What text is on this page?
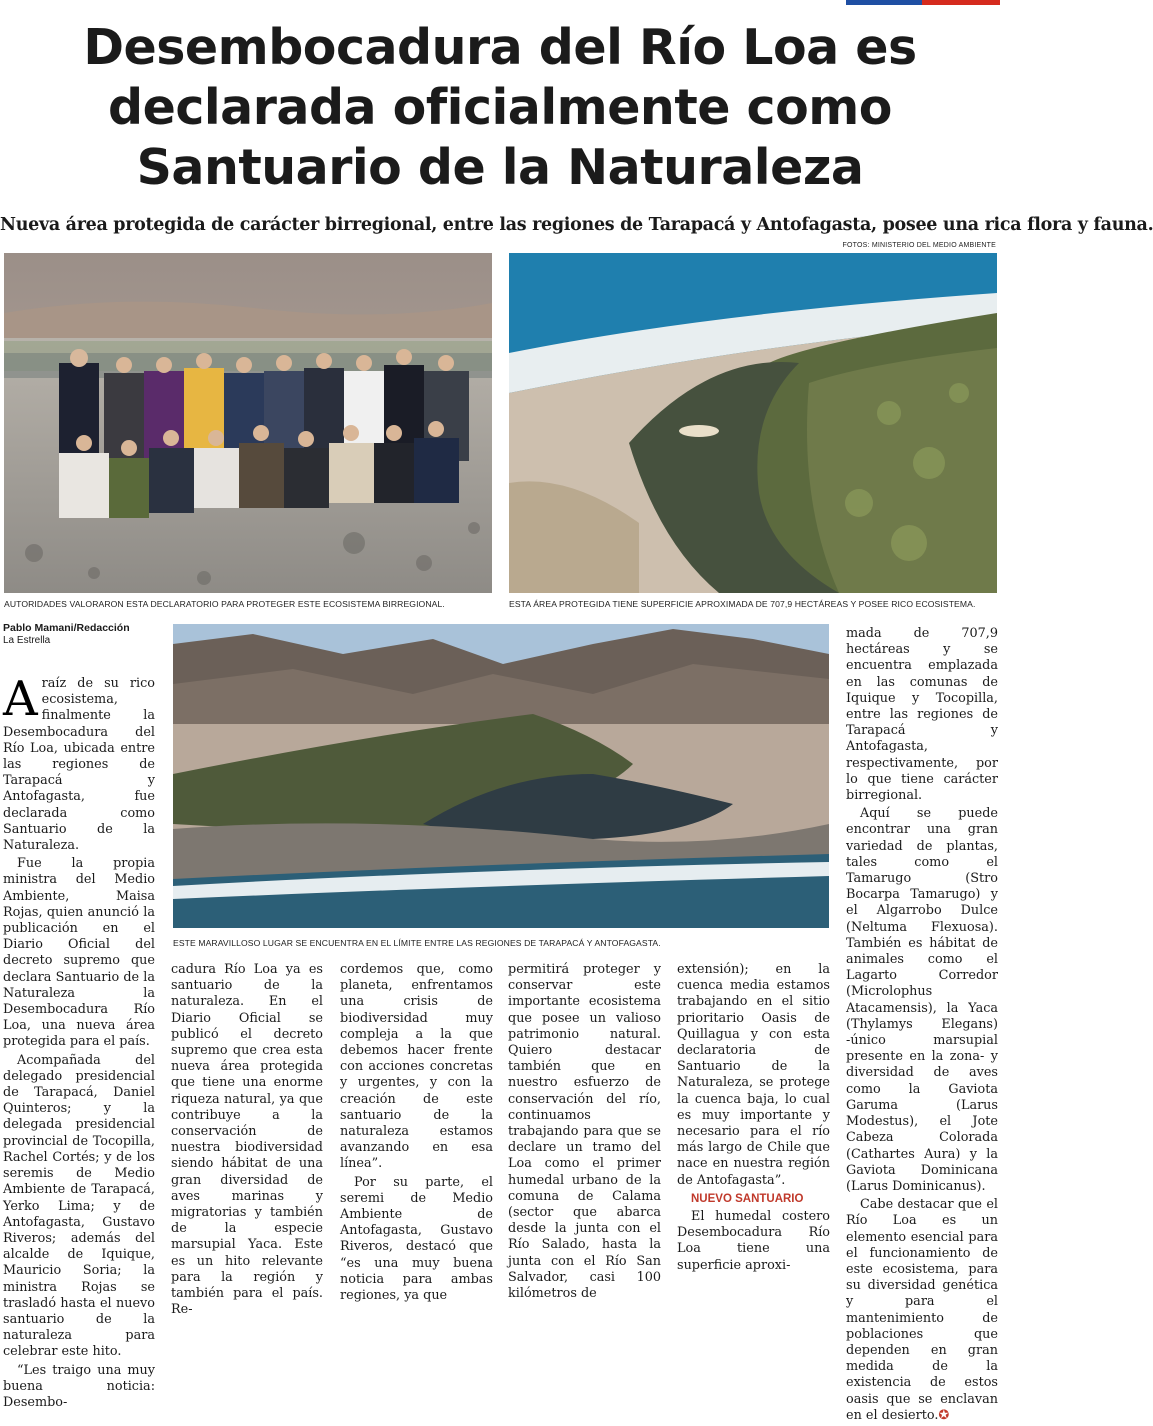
Desembocadura del Río Loa es
declarada oficialmente como
Santuario de la Naturaleza
Nueva área protegida de carácter birregional, entre las regiones de Tarapacá y Antofagasta, posee una rica flora y fauna.
FOTOS: MINISTERIO DEL MEDIO AMBIENTE
AUTORIDADES VALORARON ESTA DECLARATORIO PARA PROTEGER ESTE ECOSISTEMA BIRREGIONAL.	ESTA ÁREA PROTEGIDA TIENE SUPERFICIE APROXIMADA DE 707,9 HECTÁREAS Y POSEE RICO ECOSISTEMA.
ESTE MARAVILLOSO LUGAR SE ENCUENTRA EN EL LÍMITE ENTRE LAS REGIONES DE TARAPACÁ Y ANTOFAGASTA.
Pablo Mamani/Redacción
La Estrella

Araíz de su rico ecosistema, finalmente la Desembocadura del Río Loa, ubicada entre las regiones de Tarapacá y Antofagasta, fue declarada como Santuario de la Naturaleza.

Fue la propia ministra del Medio Ambiente, Maisa Rojas, quien anunció la publicación en el Diario Oficial del decreto supremo que declara Santuario de la Naturaleza la Desembocadura Río Loa, una nueva área protegida para el país.

Acompañada del delegado presidencial de Tarapacá, Daniel Quinteros; y la delegada presidencial provincial de Tocopilla, Rachel Cortés; y de los seremis de Medio Ambiente de Tarapacá, Yerko Lima; y de Antofagasta, Gustavo Riveros; además del alcalde de Iquique, Mauricio Soria; la ministra Rojas se trasladó hasta el nuevo santuario de la naturaleza para celebrar este hito.

“Les traigo una muy buena noticia: Desembo-

cadura Río Loa ya es santuario de la naturaleza. En el Diario Oficial se publicó el decreto supremo que crea esta nueva área protegida que tiene una enorme riqueza natural, ya que contribuye a la conservación de nuestra biodiversidad siendo hábitat de una gran diversidad de aves marinas y migratorias y también de la especie marsupial Yaca. Este es un hito relevante para la región y también para el país. Re-

cordemos que, como planeta, enfrentamos una crisis de biodiversidad muy compleja a la que debemos hacer frente con acciones concretas y urgentes, y con la creación de este santuario de la naturaleza estamos avanzando en esa línea”.

Por su parte, el seremi de Medio Ambiente de Antofagasta, Gustavo Riveros, destacó que “es una muy buena noticia para ambas regiones, ya que

permitirá proteger y conservar este importante ecosistema que posee un valioso patrimonio natural. Quiero destacar también que en nuestro esfuerzo de conservación del río, continuamos trabajando para que se declare un tramo del Loa como el primer humedal urbano de la comuna de Calama (sector que abarca desde la junta con el Río Salado, hasta la junta con el Río San Salvador, casi 100 kilómetros de

extensión); en la cuenca media estamos trabajando en el sitio prioritario Oasis de Quillagua y con esta declaratoria de Santuario de la Naturaleza, se protege la cuenca baja, lo cual es muy importante y necesario para el río más largo de Chile que nace en nuestra región de Antofagasta”.

NUEVO SANTUARIO

El humedal costero Desembocadura Río Loa tiene una superficie aproxi-

mada de 707,9 hectáreas y se encuentra emplazada en las comunas de Iquique y Tocopilla, entre las regiones de Tarapacá y Antofagasta, respectivamente, por lo que tiene carácter birregional.

Aquí se puede encontrar una gran variedad de plantas, tales como el Tamarugo (Stro Bocarpa Tamarugo) y el Algarrobo Dulce (Neltuma Flexuosa). También es hábitat de animales como el Lagarto Corredor (Microlophus Atacamensis), la Yaca (Thylamys Elegans) -único marsupial presente en la zona- y diversidad de aves como la Gaviota Garuma (Larus Modestus), el Jote Cabeza Colorada (Cathartes Aura) y la Gaviota Dominicana (Larus Dominicanus).

Cabe destacar que el Río Loa es un elemento esencial para el funcionamiento de este ecosistema, para su diversidad genética y para el mantenimiento de poblaciones que dependen en gran medida de la existencia de estos oasis que se enclavan en el desierto.✪
